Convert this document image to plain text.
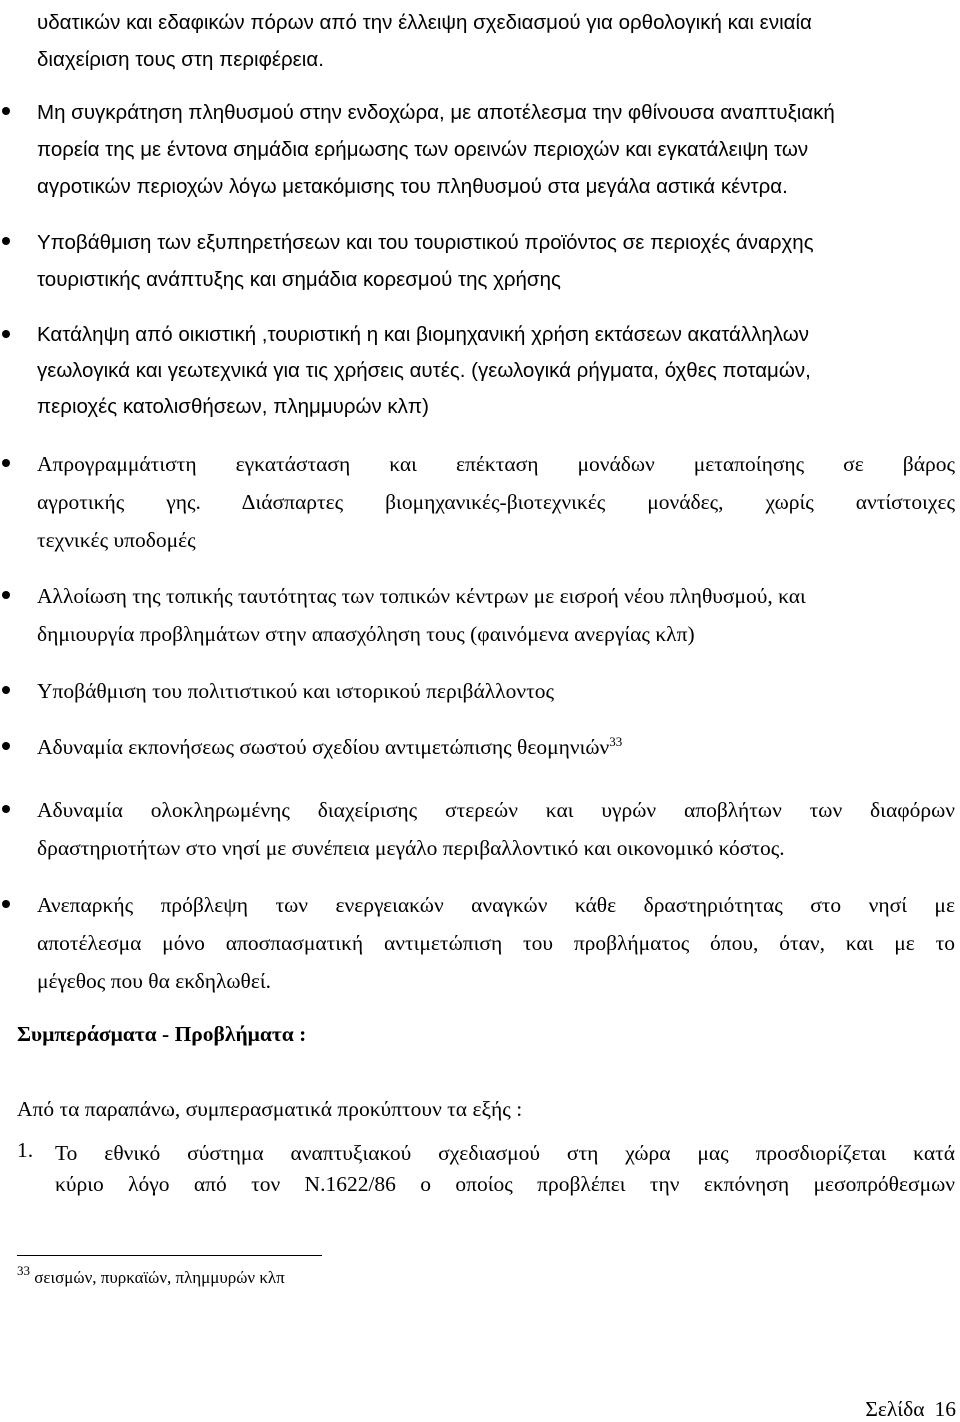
υδατικών και εδαφικών πόρων από την έλλειψη σχεδιασμού για ορθολογική και ενιαία
διαχείριση τους στη περιφέρεια.
Μη συγκράτηση πληθυσμού στην ενδοχώρα, με αποτέλεσμα την φθίνουσα αναπτυξιακή
πορεία της με έντονα σημάδια ερήμωσης των ορεινών περιοχών και εγκατάλειψη των
αγροτικών περιοχών λόγω μετακόμισης του πληθυσμού στα μεγάλα αστικά κέντρα.
Υποβάθμιση των εξυπηρετήσεων και του τουριστικού προϊόντος σε περιοχές άναρχης
τουριστικής ανάπτυξης και σημάδια κορεσμού της χρήσης
Κατάληψη από οικιστική ,τουριστική η και βιομηχανική χρήση εκτάσεων ακατάλληλων
γεωλογικά και γεωτεχνικά για τις χρήσεις αυτές. (γεωλογικά ρήγματα, όχθες ποταμών,
περιοχές κατολισθήσεων, πλημμυρών κλπ)
Απρογραμμάτιστη εγκατάσταση και επέκταση μονάδων μεταποίησης σε βάρος
αγροτικής γης. Διάσπαρτες βιομηχανικές-βιοτεχνικές μονάδες, χωρίς αντίστοιχες
τεχνικές υποδομές
Αλλοίωση της τοπικής ταυτότητας των τοπικών κέντρων με εισροή νέου πληθυσμού, και
δημιουργία προβλημάτων στην απασχόληση τους (φαινόμενα ανεργίας κλπ)
Υποβάθμιση του πολιτιστικού και ιστορικού περιβάλλοντος
Αδυναμία εκπονήσεως σωστού σχεδίου αντιμετώπισης θεομηνιών$^{33}$
Αδυναμία ολοκληρωμένης διαχείρισης στερεών και υγρών αποβλήτων των διαφόρων
δραστηριοτήτων στο νησί με συνέπεια μεγάλο περιβαλλοντικό και οικονομικό κόστος.
Ανεπαρκής πρόβλεψη των ενεργειακών αναγκών κάθε δραστηριότητας στο νησί με
αποτέλεσμα μόνο αποσπασματική αντιμετώπιση του προβλήματος όπου, όταν, και με το
μέγεθος που θα εκδηλωθεί.
Συμπεράσματα - Προβλήματα :
Από τα παραπάνω, συμπερασματικά προκύπτουν τα εξής :
1. Το εθνικό σύστημα αναπτυξιακού σχεδιασμού στη χώρα μας προσδιορίζεται κατά
κύριο λόγο από τον Ν.1622/86 ο οποίος προβλέπει την εκπόνηση μεσοπρόθεσμων
$^{33}$ σεισμών, πυρκαϊών, πλημμυρών κλπ
Σελίδα 16
